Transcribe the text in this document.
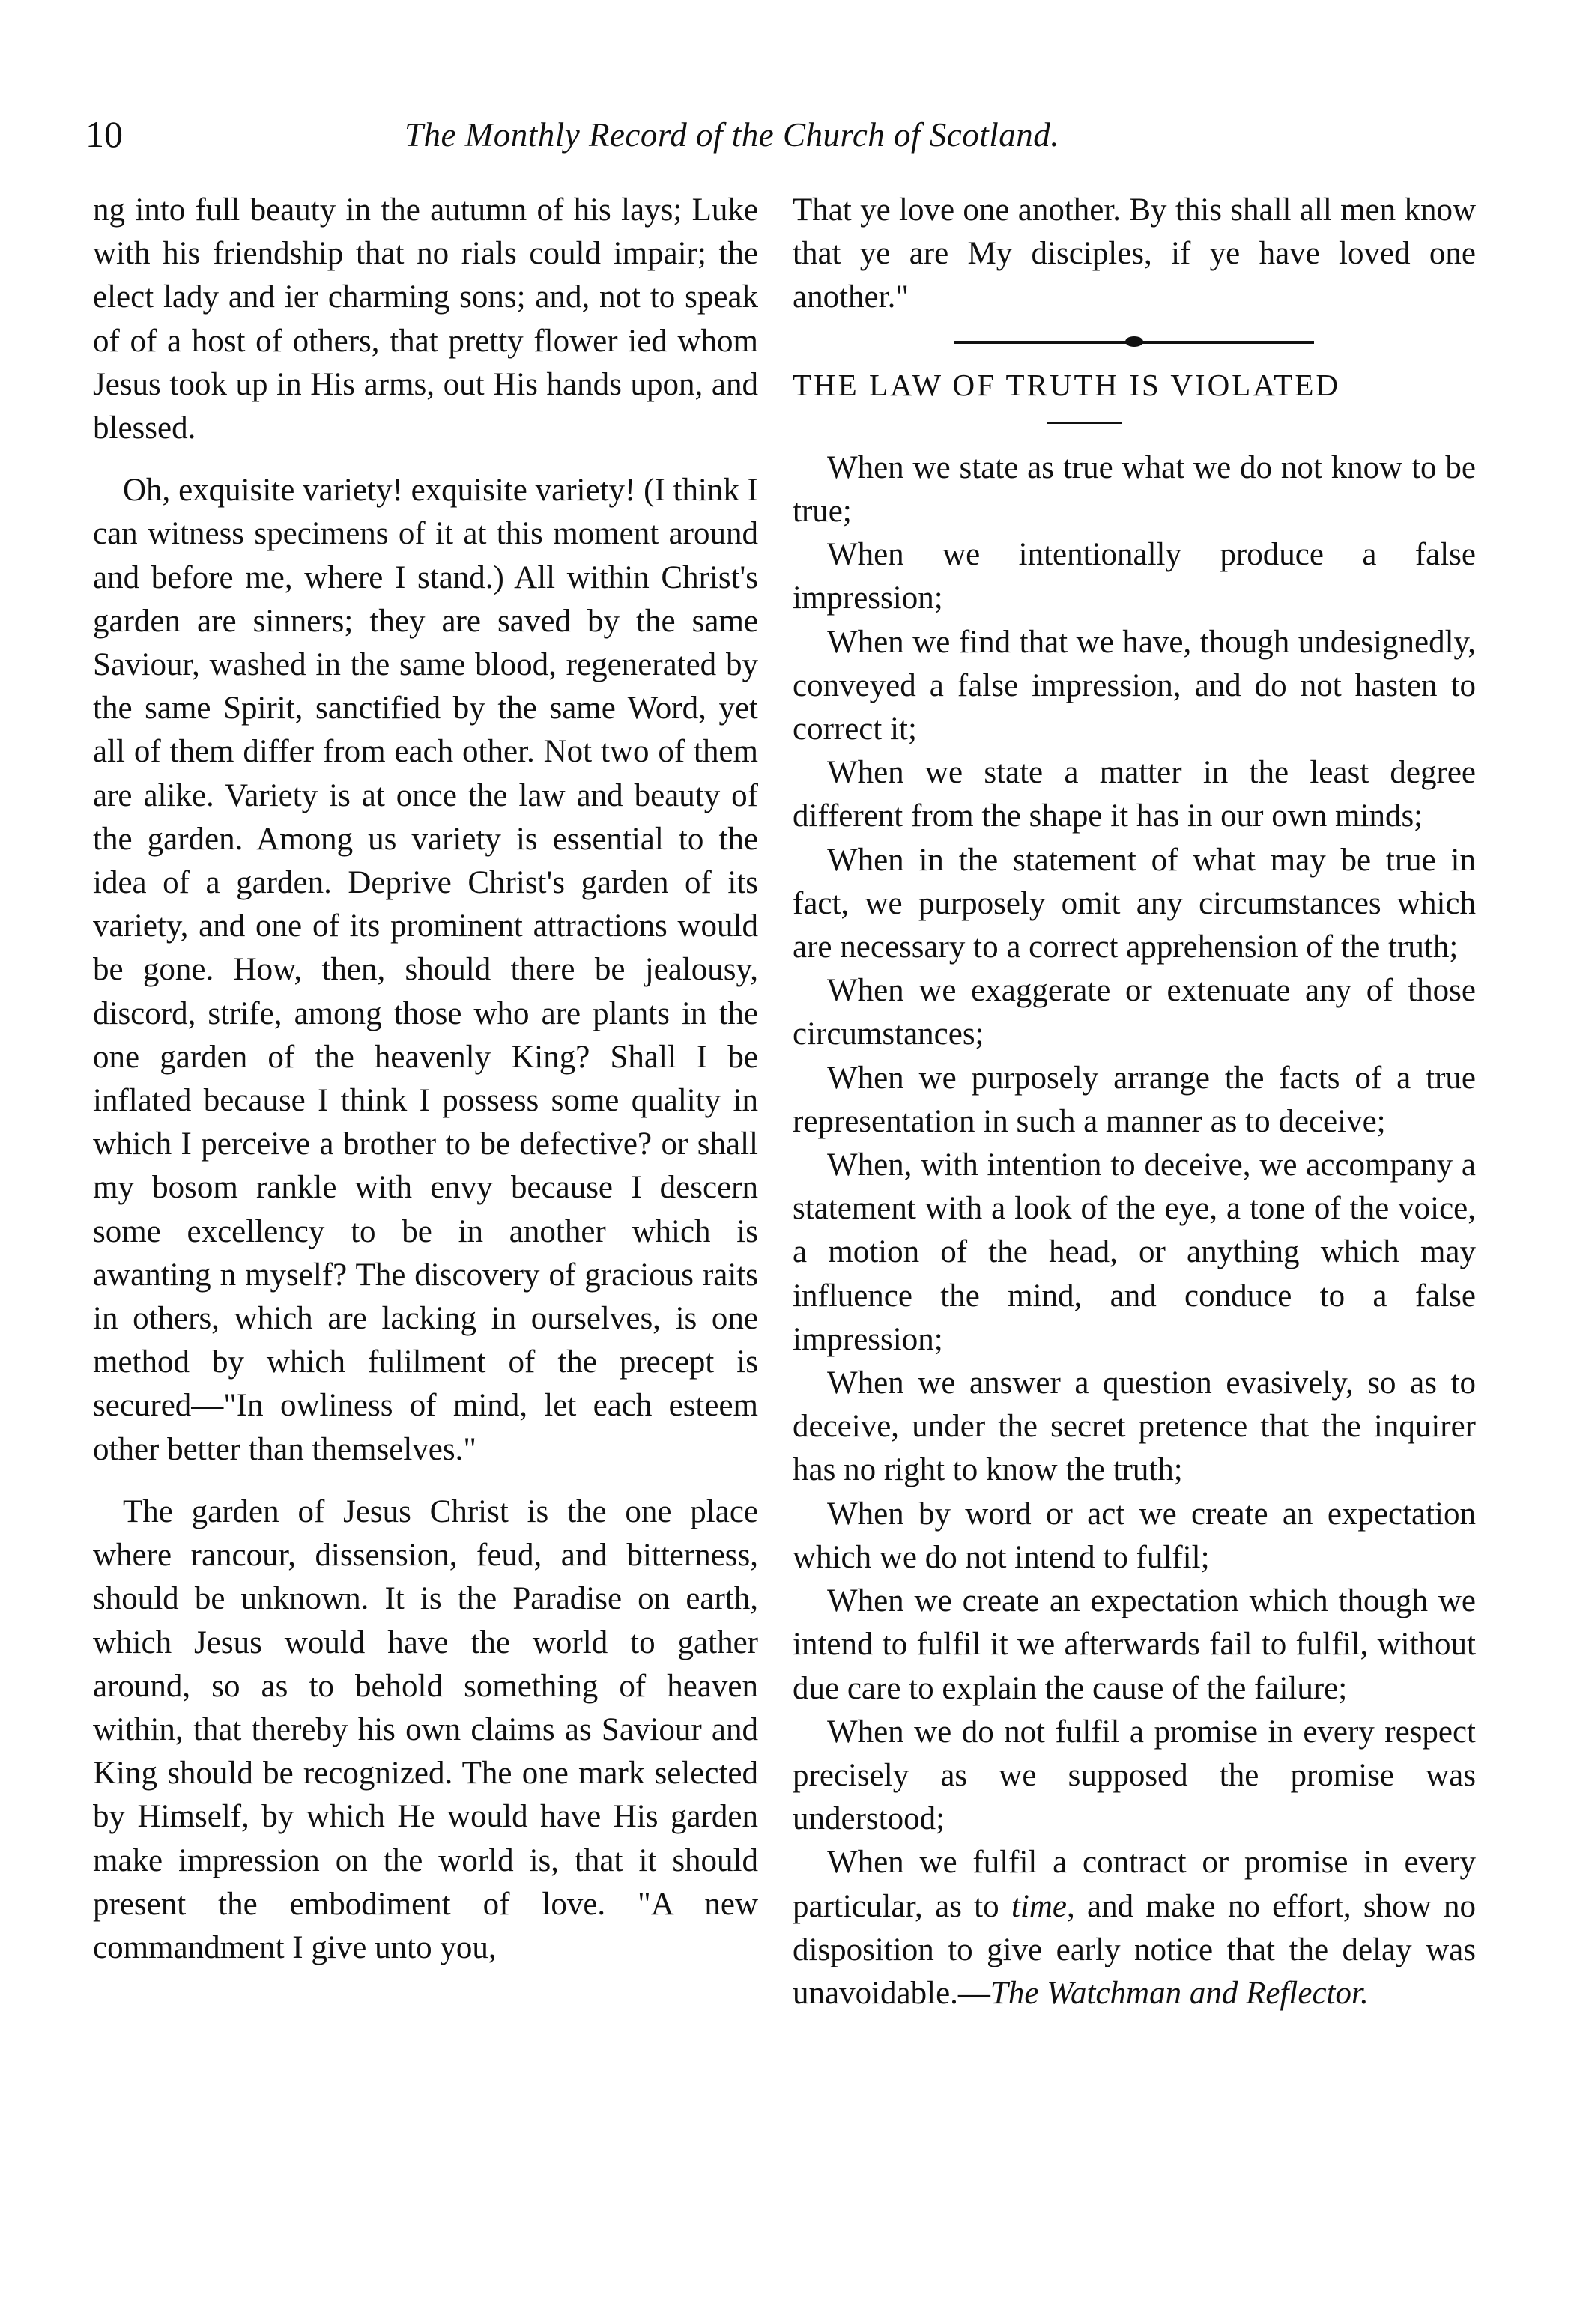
10	The Monthly Record of the Church of Scotland.

ng into full beauty in the autumn of his lays; Luke with his friendship that no rials could impair; the elect lady and ier charming sons; and, not to speak of of a host of others, that pretty flower ied whom Jesus took up in His arms, out His hands upon, and blessed.

Oh, exquisite variety! exquisite variety! (I think I can witness specimens of it at this moment around and before me, where I stand.) All within Christ's garden are sinners; they are saved by the same Saviour, washed in the same blood, regenerated by the same Spirit, sanctified by the same Word, yet all of them differ from each other. Not two of them are alike. Variety is at once the law and beauty of the garden. Among us variety is essential to the idea of a garden. Deprive Christ's garden of its variety, and one of its prominent attractions would be gone. How, then, should there be jealousy, discord, strife, among those who are plants in the one garden of the heavenly King? Shall I be inflated because I think I possess some quality in which I perceive a brother to be defective? or shall my bosom rankle with envy because I descern some excellency to be in another which is awanting n myself? The discovery of gracious raits in others, which are lacking in ourselves, is one method by which fulilment of the precept is secured—"In owliness of mind, let each esteem other better than themselves."

The garden of Jesus Christ is the one place where rancour, dissension, feud, and bitterness, should be unknown. It is the Paradise on earth, which Jesus would have the world to gather around, so as to behold something of heaven within, that thereby his own claims as Saviour and King should be recognized. The one mark selected by Himself, by which He would have His garden make impression on the world is, that it should present the embodiment of love. "A new commandment I give unto you,

That ye love one another. By this shall all men know that ye are My disciples, if ye have loved one another."

THE LAW OF TRUTH IS VIOLATED

When we state as true what we do not know to be true;

When we intentionally produce a false impression;

When we find that we have, though undesignedly, conveyed a false impression, and do not hasten to correct it;

When we state a matter in the least degree different from the shape it has in our own minds;

When in the statement of what may be true in fact, we purposely omit any circumstances which are necessary to a correct apprehension of the truth;

When we exaggerate or extenuate any of those circumstances;

When we purposely arrange the facts of a true representation in such a manner as to deceive;

When, with intention to deceive, we accompany a statement with a look of the eye, a tone of the voice, a motion of the head, or anything which may influence the mind, and conduce to a false impression;

When we answer a question evasively, so as to deceive, under the secret pretence that the inquirer has no right to know the truth;

When by word or act we create an expectation which we do not intend to fulfil;

When we create an expectation which though we intend to fulfil it we afterwards fail to fulfil, without due care to explain the cause of the failure;

When we do not fulfil a promise in every respect precisely as we supposed the promise was understood;

When we fulfil a contract or promise in every particular, as to time, and make no effort, show no disposition to give early notice that the delay was unavoidable.—The Watchman and Reflector.
